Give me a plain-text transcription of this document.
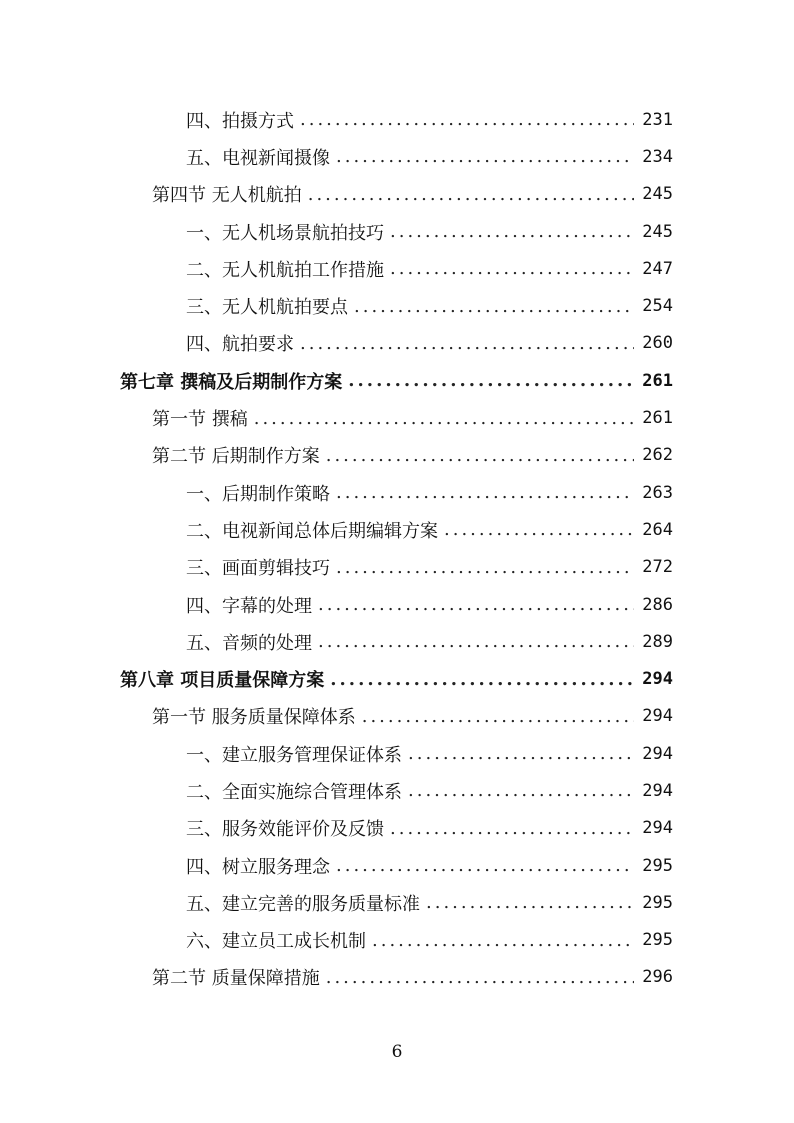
四、拍摄方式 .....	231
五、电视新闻摄像 .....	234
第四节 无人机航拍 .....	245
一、无人机场景航拍技巧 .....	245
二、无人机航拍工作措施 .....	247
三、无人机航拍要点 .....	254
四、航拍要求 .....	260
第七章 撰稿及后期制作方案 .....	261
第一节 撰稿 .....	261
第二节 后期制作方案 .....	262
一、后期制作策略 .....	263
二、电视新闻总体后期编辑方案 .....	264
三、画面剪辑技巧 .....	272
四、字幕的处理 .....	286
五、音频的处理 .....	289
第八章 项目质量保障方案 .....	294
第一节 服务质量保障体系 .....	294
一、建立服务管理保证体系 .....	294
二、全面实施综合管理体系 .....	294
三、服务效能评价及反馈 .....	294
四、树立服务理念 .....	295
五、建立完善的服务质量标准 .....	295
六、建立员工成长机制 .....	295
第二节 质量保障措施 .....	296
6
